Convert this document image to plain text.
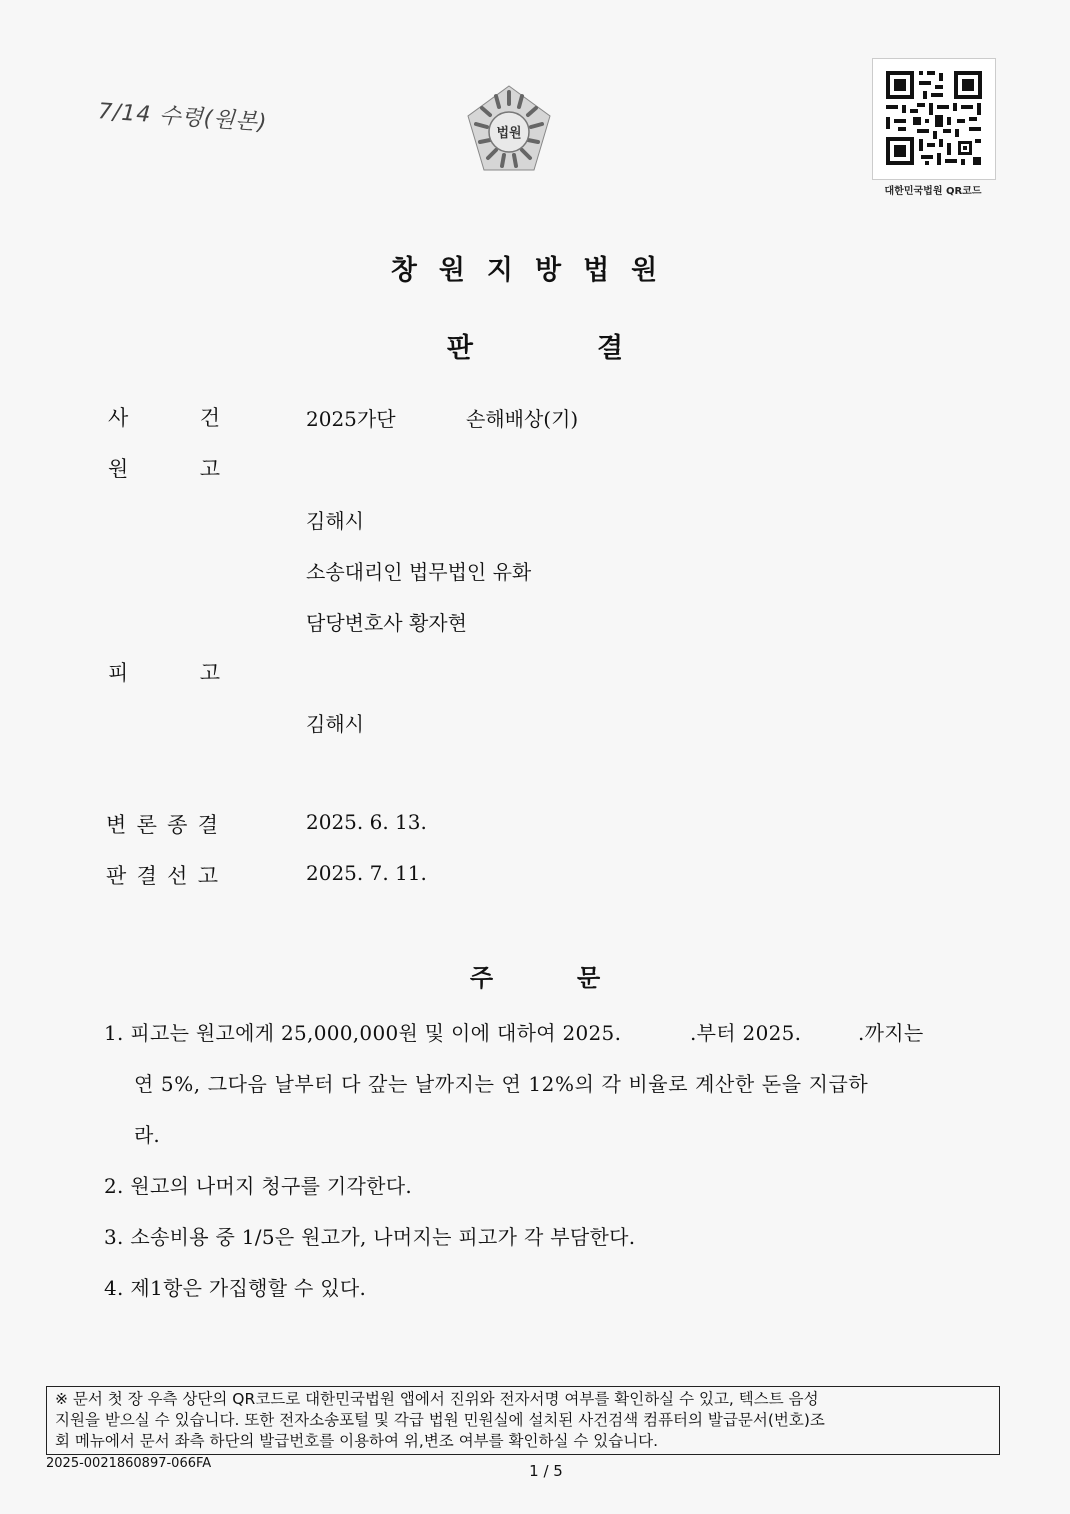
7/14 수령(원본)	법원
대한민국법원 QR코드
창원지방법원
판	결
사	건	2025가단	손해배상(기)
원	고
김해시
소송대리인 법무법인 유화
담당변호사 황자현
피	고
김해시
변 론 종 결	2025. 6. 13.
판 결 선 고	2025. 7. 11.
주	문
1. 피고는 원고에게 25,000,000원 및 이에 대하여 2025.	.부터 2025.	.까지는
연 5%, 그다음 날부터 다 갚는 날까지는 연 12%의 각 비율로 계산한 돈을 지급하
라.
2. 원고의 나머지 청구를 기각한다.
3. 소송비용 중 1/5은 원고가, 나머지는 피고가 각 부담한다.
4. 제1항은 가집행할 수 있다.
※ 문서 첫 장 우측 상단의 QR코드로 대한민국법원 앱에서 진위와 전자서명 여부를 확인하실 수 있고, 텍스트 음성
지원을 받으실 수 있습니다. 또한 전자소송포털 및 각급 법원 민원실에 설치된 사건검색 컴퓨터의 발급문서(번호)조
회 메뉴에서 문서 좌측 하단의 발급번호를 이용하여 위,변조 여부를 확인하실 수 있습니다.
2025-0021860897-066FA	1 / 5
